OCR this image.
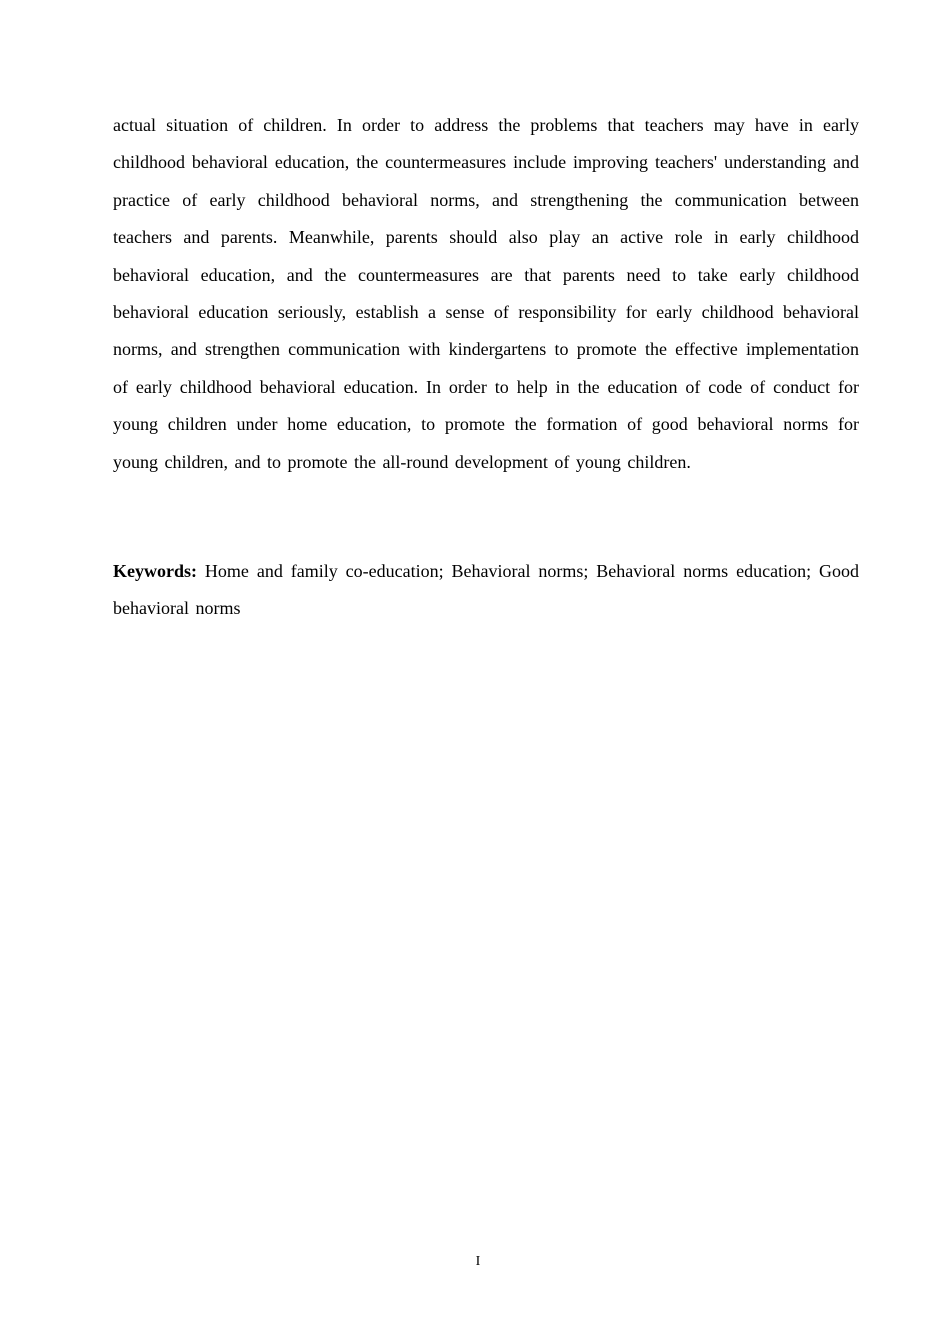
actual situation of children. In order to address the problems that teachers may have in early childhood behavioral education, the countermeasures include improving teachers' understanding and practice of early childhood behavioral norms, and strengthening the communication between teachers and parents. Meanwhile, parents should also play an active role in early childhood behavioral education, and the countermeasures are that parents need to take early childhood behavioral education seriously, establish a sense of responsibility for early childhood behavioral norms, and strengthen communication with kindergartens to promote the effective implementation of early childhood behavioral education. In order to help in the education of code of conduct for young children under home education, to promote the formation of good behavioral norms for young children, and to promote the all-round development of young children.

Keywords: Home and family co-education; Behavioral norms; Behavioral norms education; Good behavioral norms

I
